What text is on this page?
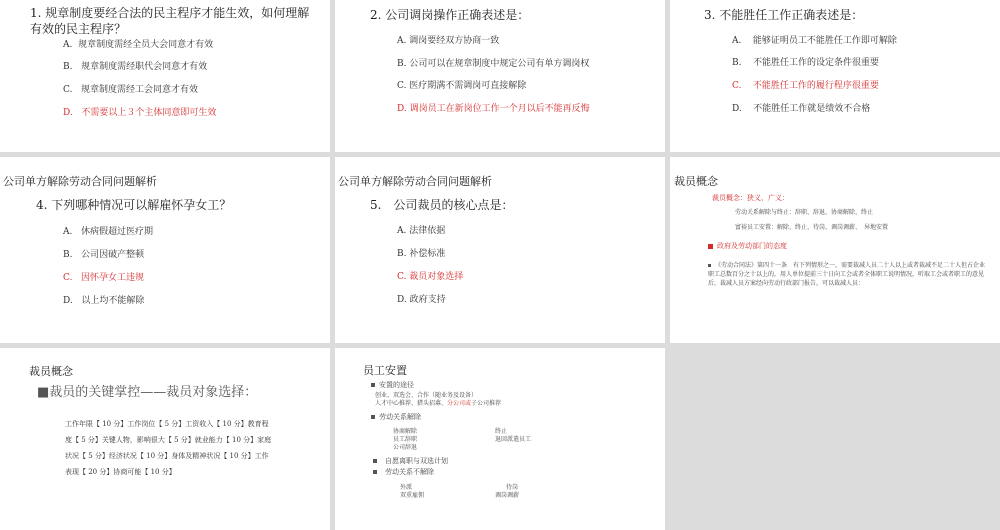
1. 规章制度要经合法的民主程序才能生效，如何理解有效的民主程序？
A. 规章制度需经全员大会同意才有效
B. 规章制度需经职代会同意才有效
C. 规章制度需经工会同意才有效
D. 不需要以上３个主体同意即可生效
2. 公司调岗操作正确表述是：
A. 调岗要经双方协商一致
B. 公司可以在规章制度中规定公司有单方调岗权
C. 医疗期满不需调岗可直接解除
D. 调岗员工在新岗位工作一个月以后不能再反悔
3. 不能胜任工作正确表述是：
A. 能够证明员工不能胜任工作即可解除
B. 不能胜任工作的设定条件很重要
C. 不能胜任工作的履行程序很重要
D. 不能胜任工作就是绩效不合格
公司单方解除劳动合同问题解析
4. 下列哪种情况可以解雇怀孕女工？
A. 休病假超过医疗期
B. 公司因破产整顿
C. 因怀孕女工违规
D. 以上均不能解除
公司单方解除劳动合同问题解析
5.　公司裁员的核心点是：
A. 法律依据
B. 补偿标准
C. 裁员对象选择
D. 政府支持
裁员概念
裁员概念：狭义、广义：
劳动关系解除与终止：辞职、辞退、协商解除、终止
富裕员工安置：解除、终止、待岗、调岗调薪、　异地安置
政府及劳动部门的态度
《劳动合同法》第四十一条　有下列情形之一，需要裁减人员二十人以上或者裁减不足二十人但占企业职工总数百分之十以上的，用人单位提前三十日向工会或者全体职工说明情况，听取工会或者职工的意见后，裁减人员方案经向劳动行政部门报告，可以裁减人员：
裁员概念
■裁员的关键掌控——裁员对象选择：
工作年限【 10 分】工作岗位【 5 分】工资收入【 10 分】教育程
度【 5 分】关键人物，影响很大【 5 分】就业能力【 10 分】家庭
状况【 5 分】经济状况【 10 分】身体及精神状况【 10 分】工作
表现【 20 分】协商可能【 10 分】
员工安置
安置的途径
创业、双选会、合作（随业务及设备）
人才中心推荐、猎头招募、分公司或子公司推荐
劳动关系解除
协商解除	终止
员工辞职	退回派遣员工
公司辞退
自愿离职与双选计划
劳动关系不解除
外派	待岗
双重雇佣	调岗调薪
